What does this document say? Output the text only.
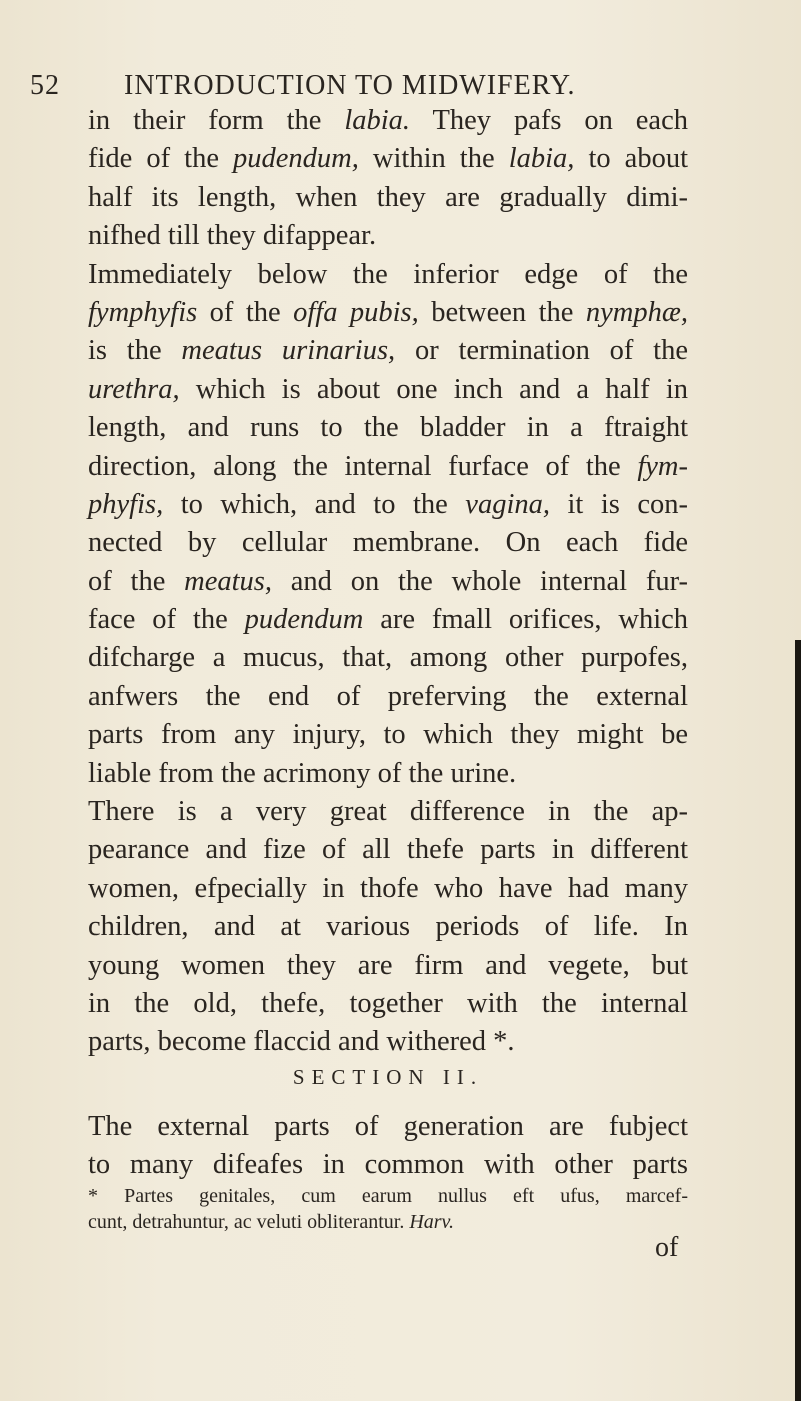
52 INTRODUCTION TO MIDWIFERY.
in their form the labia. They pafs on each
fide of the pudendum, within the labia, to about
half its length, when they are gradually dimi-
nifhed till they difappear.
Immediately below the inferior edge of the
fymphyfis of the offa pubis, between the nymphæ,
is the meatus urinarius, or termination of the
urethra, which is about one inch and a half in
length, and runs to the bladder in a ftraight
direction, along the internal furface of the fym-
phyfis, to which, and to the vagina, it is con-
nected by cellular membrane. On each fide
of the meatus, and on the whole internal fur-
face of the pudendum are fmall orifices, which
difcharge a mucus, that, among other purpofes,
anfwers the end of preferving the external
parts from any injury, to which they might be
liable from the acrimony of the urine.
There is a very great difference in the ap-
pearance and fize of all thefe parts in different
women, efpecially in thofe who have had many
children, and at various periods of life. In
young women they are firm and vegete, but
in the old, thefe, together with the internal
parts, become flaccid and withered *.
SECTION II.
The external parts of generation are fubject
to many difeafes in common with other parts
* Partes genitales, cum earum nullus eft ufus, marcef-
cunt, detrahuntur, ac veluti obliterantur. Harv.
of
